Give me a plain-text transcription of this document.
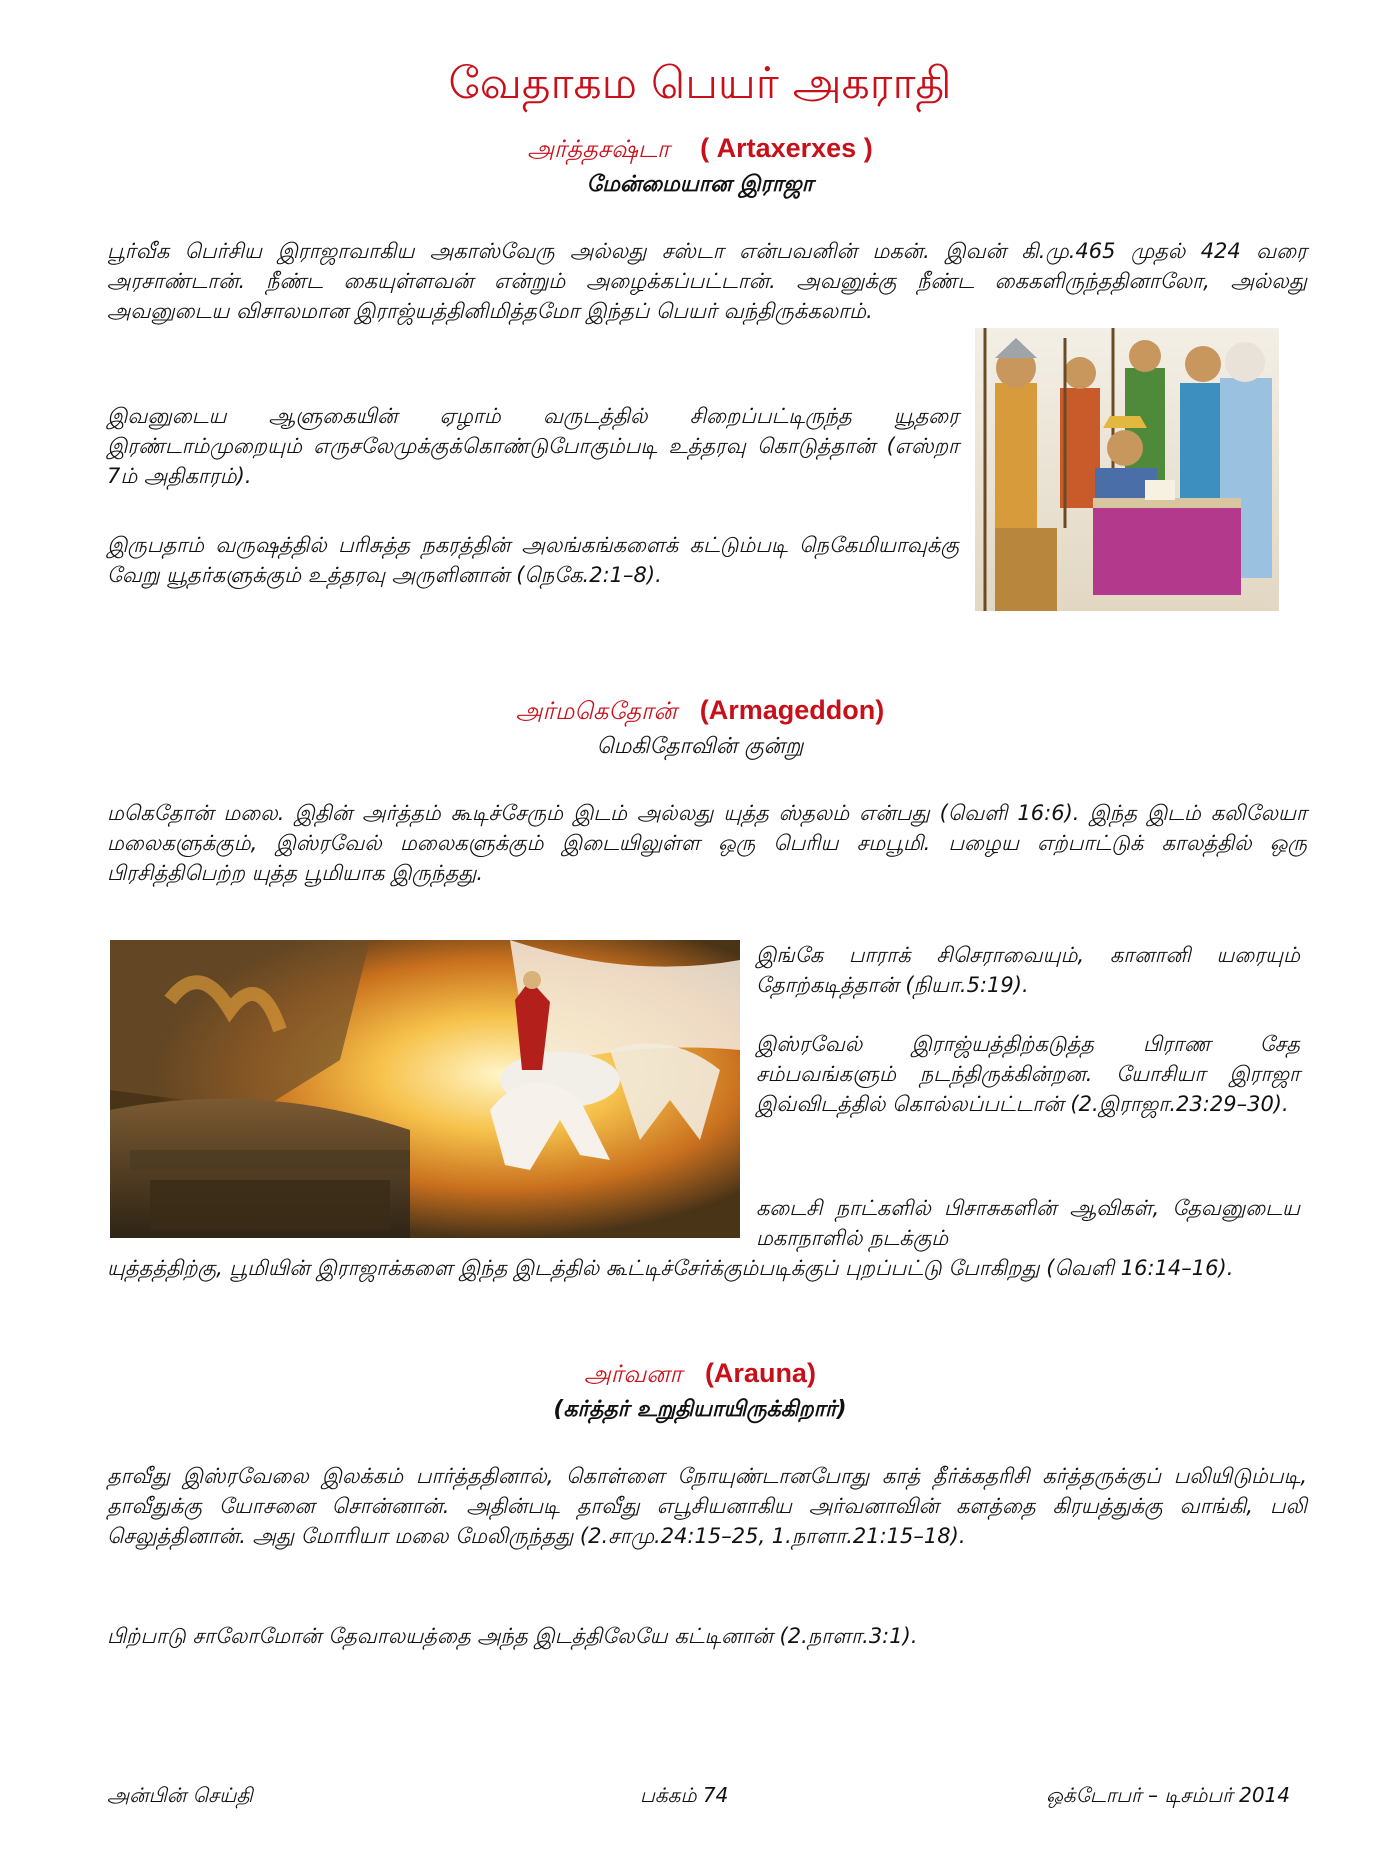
வேதாகம பெயர் அகராதி
அர்த்தசஷ்டா ( Artaxerxes )
மேன்மையான இராஜா

பூர்வீக பெர்சிய இராஜாவாகிய அகாஸ்வேரு அல்லது சஸ்டா என்பவனின் மகன். இவன் கி.மு.465 முதல் 424 வரை அரசாண்டான். நீண்ட கையுள்ளவன் என்றும் அழைக்கப்பட்டான். அவனுக்கு நீண்ட கைகளிருந்ததினாலோ, அல்லது அவனுடைய விசாலமான இராஜ்யத்தினிமித்தமோ இந்தப் பெயர் வந்திருக்கலாம்.

இவனுடைய ஆளுகையின் ஏழாம் வருடத்தில் சிறைப்பட்டிருந்த யூதரை இரண்டாம்முறையும் எருசலேமுக்குக்கொண்டுபோகும்படி உத்தரவு கொடுத்தான் (எஸ்றா 7ம் அதிகாரம்).

இருபதாம் வருஷத்தில் பரிசுத்த நகரத்தின் அலங்கங்களைக் கட்டும்படி நெகேமியாவுக்கு வேறு யூதர்களுக்கும் உத்தரவு அருளினான் (நெகே.2:1–8).

அர்மகெதோன் (Armageddon)
மெகிதோவின் குன்று

மகெதோன் மலை. இதின் அர்த்தம் கூடிச்சேரும் இடம் அல்லது யுத்த ஸ்தலம் என்பது (வெளி 16:6). இந்த இடம் கலிலேயா மலைகளுக்கும், இஸ்ரவேல் மலைகளுக்கும் இடையிலுள்ள ஒரு பெரிய சமபூமி. பழைய எற்பாட்டுக் காலத்தில் ஒரு பிரசித்திபெற்ற யுத்த பூமியாக இருந்தது.

இங்கே பாராக் சிசெராவையும், கானானி யரையும் தோற்கடித்தான் (நியா.5:19).

இஸ்ரவேல் இராஜ்யத்திற்கடுத்த பிராண சேத சம்பவங்களும் நடந்திருக்கின்றன. யோசியா இராஜா இவ்விடத்தில் கொல்லப்பட்டான் (2.இராஜா.23:29–30).

கடைசி நாட்களில் பிசாசுகளின் ஆவிகள், தேவனுடைய மகாநாளில் நடக்கும்

யுத்தத்திற்கு, பூமியின் இராஜாக்களை இந்த இடத்தில் கூட்டிச்சேர்க்கும்படிக்குப் புறப்பட்டு போகிறது (வெளி 16:14–16).

அர்வனா (Arauna)
(கர்த்தர் உறுதியாயிருக்கிறார்)

தாவீது இஸ்ரவேலை இலக்கம் பார்த்ததினால், கொள்ளை நோயுண்டானபோது காத் தீர்க்கதரிசி கர்த்தருக்குப் பலியிடும்படி, தாவீதுக்கு யோசனை சொன்னான். அதின்படி தாவீது எபூசியனாகிய அர்வனாவின் களத்தை கிரயத்துக்கு வாங்கி, பலி செலுத்தினான். அது மோரியா மலை மேலிருந்தது (2.சாமு.24:15–25, 1.நாளா.21:15–18).

பிற்பாடு சாலோமோன் தேவாலயத்தை அந்த இடத்திலேயே கட்டினான் (2.நாளா.3:1).

அன்பின் செய்தி	பக்கம் 74	ஒக்டோபர் – டிசம்பர் 2014
